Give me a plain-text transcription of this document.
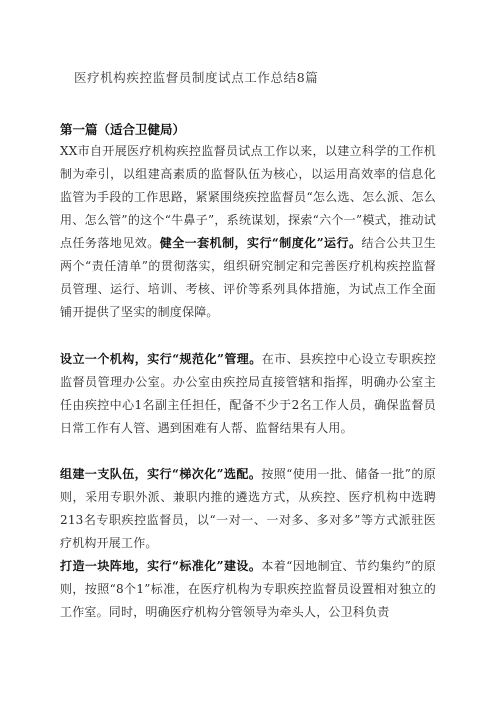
医疗机构疾控监督员制度试点工作总结8篇
第一篇（适合卫健局）
XX市自开展医疗机构疾控监督员试点工作以来，以建立科学的工作机制为牵引，以组建高素质的监督队伍为核心，以运用高效率的信息化监管为手段的工作思路，紧紧围绕疾控监督员“怎么选、怎么派、怎么用、怎么管”的这个“牛鼻子”，系统谋划，探索“六个一”模式，推动试点任务落地见效。健全一套机制，实行“制度化”运行。结合公共卫生两个“责任清单”的贯彻落实，组织研究制定和完善医疗机构疾控监督员管理、运行、培训、考核、评价等系列具体措施，为试点工作全面铺开提供了坚实的制度保障。
设立一个机构，实行“规范化”管理。在市、县疾控中心设立专职疾控监督员管理办公室。办公室由疾控局直接管辖和指挥，明确办公室主任由疾控中心1名副主任担任，配备不少于2名工作人员，确保监督员日常工作有人管、遇到困难有人帮、监督结果有人用。
组建一支队伍，实行“梯次化”选配。按照“使用一批、储备一批”的原则，采用专职外派、兼职内推的遴选方式，从疾控、医疗机构中选聘213名专职疾控监督员，以“一对一、一对多、多对多”等方式派驻医疗机构开展工作。
打造一块阵地，实行“标准化”建设。本着“因地制宜、节约集约”的原则，按照“8个1”标准，在医疗机构为专职疾控监督员设置相对独立的工作室。同时，明确医疗机构分管领导为牵头人，公卫科负责
